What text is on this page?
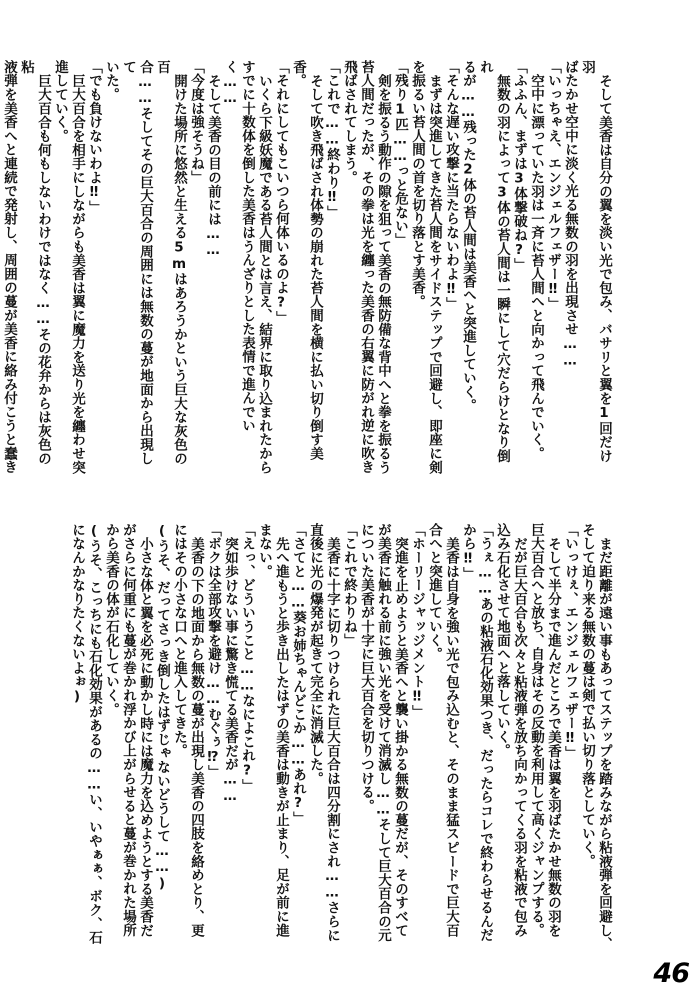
そして美香は自分の翼を淡い光で包み、バサリと翼を1回だけ羽

ばたかせ空中に淡く光る無数の羽を出現させ……

「いっちゃえ、エンジェルフェザー‼」

空中に漂っていた羽は一斉に苔人間へと向かって飛んでいく。

「ふふん、まずは3体撃破ね?」

無数の羽によって3体の苔人間は一瞬にして穴だらけとなり倒れ

るが……残った2体の苔人間は美香へと突進していく。

「そんな遅い攻撃に当たらないわよ‼」

まずは突進してきた苔人間をサイドステップで回避し、即座に剣

を振るい苔人間の首を切り落とす美香。

「残り1匹……っと危ない」

剣を振るう動作の隙を狙って美香の無防備な背中へと拳を振るう

苔人間だったが、その拳は光を纏った美香の右翼に防がれ逆に吹き

飛ばされてしまう。

「これで……終わり‼」

そして吹き飛ばされ体勢の崩れた苔人間を横に払い切り倒す美香。

「それにしてもこいつら何体いるのよ?」

いくら下級妖魔である苔人間とは言え、結界に取り込まれたから

すでに十数体を倒した美香はうんざりとした表情で進んでいく……

そして美香の目の前には……

「今度は強そうね」

開けた場所に悠然と生える5mはあろうかという巨大な灰色の百

合……そしてその巨大百合の周囲には無数の蔓が地面から出現して

いた。

「でも負けないわよ‼」

巨大百合を相手にしながらも美香は翼に魔力を送り光を纏わせ突

進していく。

巨大百合も何もしないわけではなく……その花弁からは灰色の粘

液弾を美香へと連続で発射し、周囲の蔓が美香に絡み付こうと蠢き

まだ距離が遠い事もあってステップを踏みながら粘液弾を回避し、

そして迫り来る無数の蔓は剣で払い切り落としていく。

「いっけぇ、エンジェルフェザー‼」

そして半分まで進んだところで美香は翼を羽ばたかせ無数の羽を

巨大百合へと放ち、自身はその反動を利用して高くジャンプする。

だが巨大百合も次々と粘液弾を放ち向かってくる羽を粘液で包み

込み石化させて地面へと落していく。

「うぇ……あの粘液石化効果つき、だったらコレで終わらせるんだ

から‼」

美香は自身を強い光で包み込むと、そのまま猛スピードで巨大百

合へと突進していく。

「ホーリージャッジメント‼」

突進を止めようと美香へと襲い掛かる無数の蔓だが、そのすべて

が美香に触れる前に強い光を受けて消滅し……そして巨大百合の元

についた美香が十字に巨大百合を切りつける。

「これで終わりね」

美香に十字に切りつけられた巨大百合は四分割にされ……さらに

直後に光の爆発が起きて完全に消滅した。

「さてと……葵お姉ちゃんどこか……あれ?」

先へ進もうと歩き出したはずの美香は動きが止まり、足が前に進

まない。

「えっ、どういうこと……なによこれ?」

突如歩けない事に驚き慌てる美香だが……

「ボクは全部攻撃を避け……むぐぅ⁉」

美香の下の地面から無数の蔓が出現し美香の四肢を絡めとり、更

にはその小さな口へと進入してきた。

(うそ、だってさっき倒したはずじゃないどうして……)

小さな体と翼を必死に動かし時には魔力を込めようとする美香だ

がさらに何重にも蔓が巻かれ浮かび上がらせると蔓が巻かれた場所

から美香の体が石化していく。

(うそ、こっちにも石化効果があるの……い、いやぁぁ、ボク、石

になんかなりたくないよぉ)

46
